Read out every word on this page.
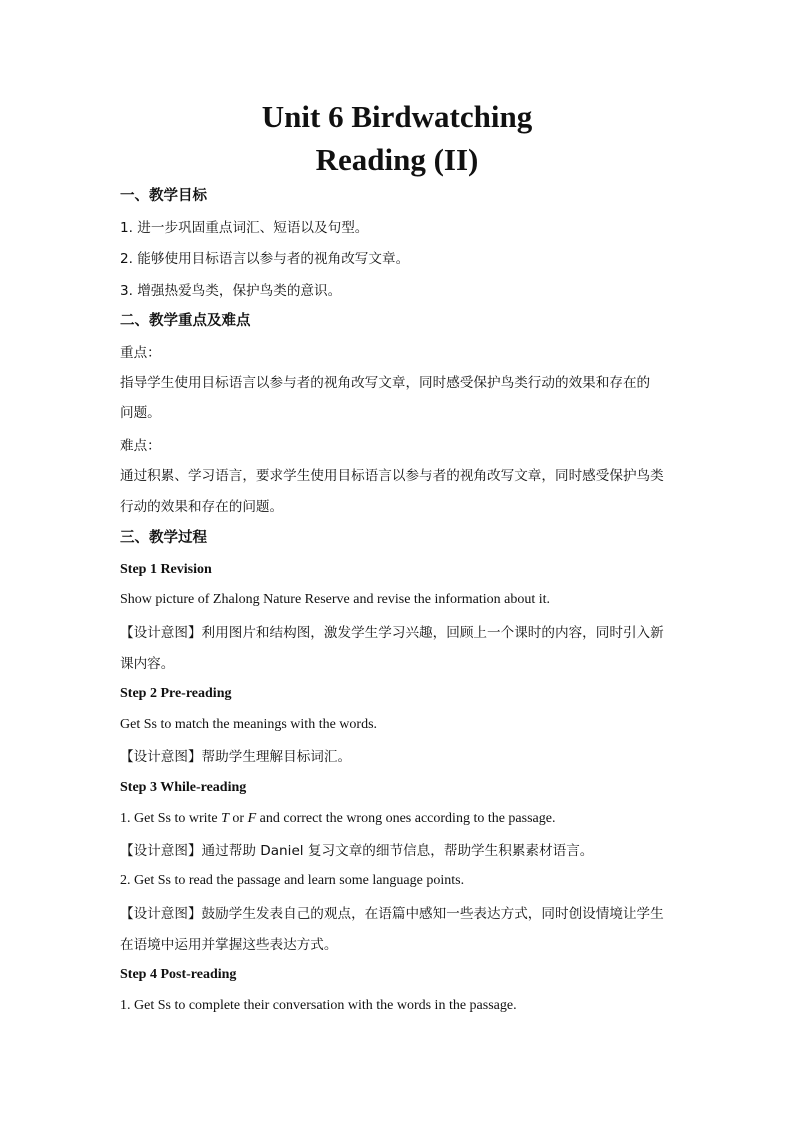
Unit 6 Birdwatching
Reading (II)

一、教学目标

1. 进一步巩固重点词汇、短语以及句型。

2. 能够使用目标语言以参与者的视角改写文章。

3. 增强热爱鸟类，保护鸟类的意识。

二、教学重点及难点

重点：

指导学生使用目标语言以参与者的视角改写文章，同时感受保护鸟类行动的效果和存在的

问题。

难点：

通过积累、学习语言，要求学生使用目标语言以参与者的视角改写文章，同时感受保护鸟类

行动的效果和存在的问题。

三、教学过程

Step 1 Revision

Show picture of Zhalong Nature Reserve and revise the information about it.

【设计意图】利用图片和结构图，激发学生学习兴趣，回顾上一个课时的内容，同时引入新

课内容。

Step 2 Pre-reading

Get Ss to match the meanings with the words.

【设计意图】帮助学生理解目标词汇。

Step 3 While-reading

1. Get Ss to write T or F and correct the wrong ones according to the passage.

【设计意图】通过帮助 Daniel 复习文章的细节信息，帮助学生积累素材语言。

2. Get Ss to read the passage and learn some language points.

【设计意图】鼓励学生发表自己的观点，在语篇中感知一些表达方式，同时创设情境让学生

在语境中运用并掌握这些表达方式。

Step 4 Post-reading

1. Get Ss to complete their conversation with the words in the passage.
